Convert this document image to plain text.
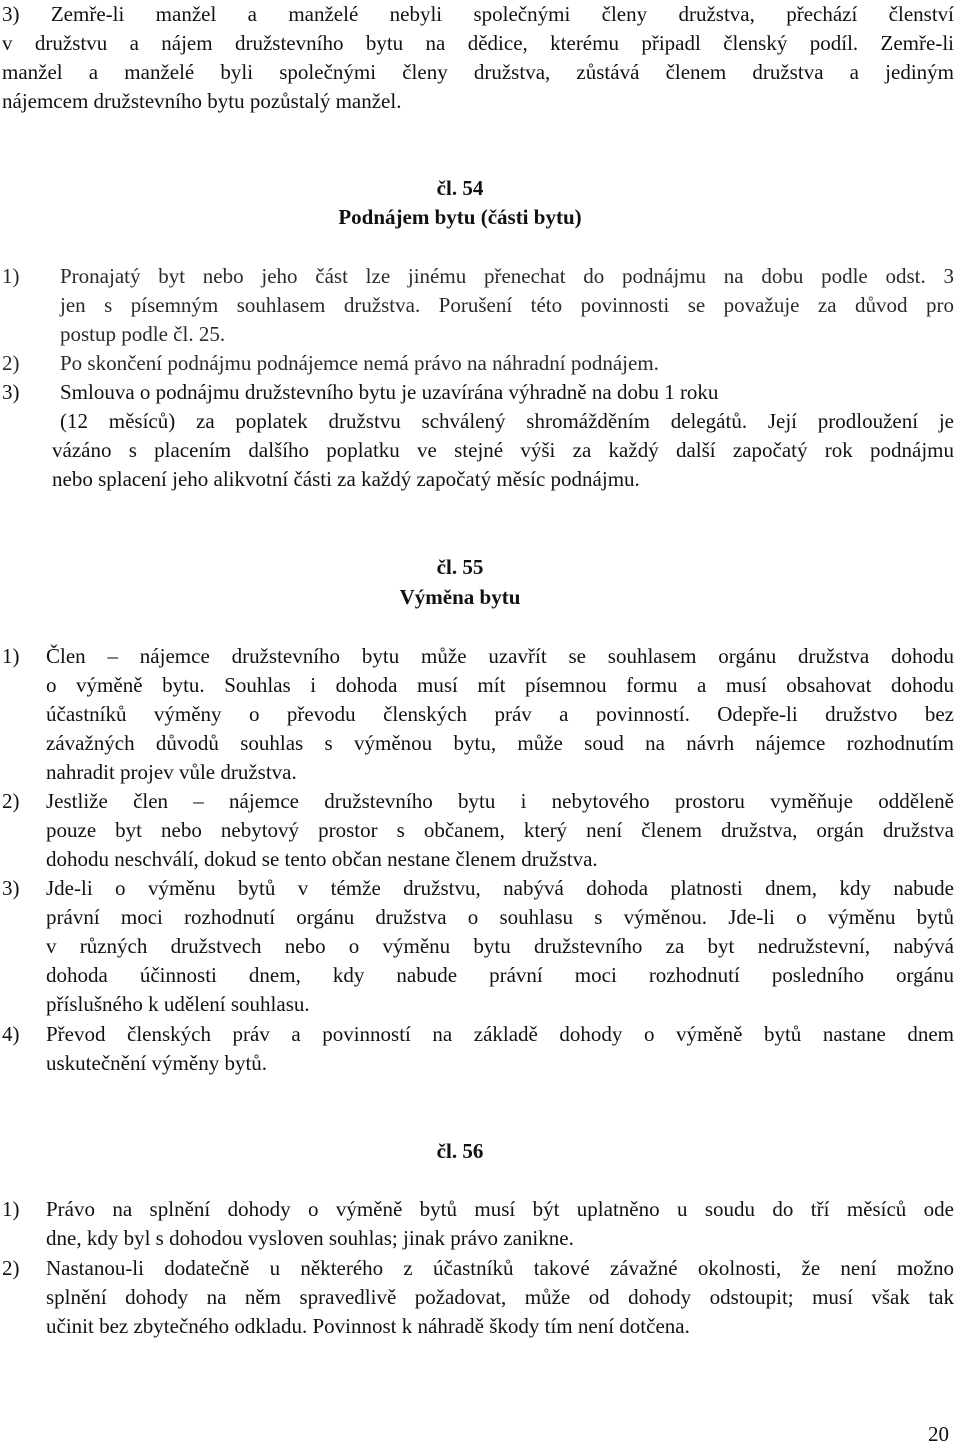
3) Zemře-li manžel a manželé nebyli společnými členy družstva, přechází členství
v družstvu a nájem družstevního bytu na dědice, kterému připadl členský podíl. Zemře-li
manžel a manželé byli společnými členy družstva, zůstává členem družstva a jediným
nájemcem družstevního bytu pozůstalý manžel.
čl. 54
Podnájem bytu (části bytu)
1) Pronajatý byt nebo jeho část lze jinému přenechat do podnájmu na dobu podle odst. 3
jen s písemným souhlasem družstva. Porušení této povinnosti se považuje za důvod pro
postup podle čl. 25.
2) Po skončení podnájmu podnájemce nemá právo na náhradní podnájem.
3) Smlouva o podnájmu družstevního bytu je uzavírána výhradně na dobu 1 roku
(12 měsíců) za poplatek družstvu schválený shromážděním delegátů. Její prodloužení je
vázáno s placením dalšího poplatku ve stejné výši za každý další započatý rok podnájmu
nebo splacení jeho alikvotní části za každý započatý měsíc podnájmu.
čl. 55
Výměna bytu
1) Člen – nájemce družstevního bytu může uzavřít se souhlasem orgánu družstva dohodu
o výměně bytu. Souhlas i dohoda musí mít písemnou formu a musí obsahovat dohodu
účastníků výměny o převodu členských práv a povinností. Odepře-li družstvo bez
závažných důvodů souhlas s výměnou bytu, může soud na návrh nájemce rozhodnutím
nahradit projev vůle družstva.
2) Jestliže člen – nájemce družstevního bytu i nebytového prostoru vyměňuje odděleně
pouze byt nebo nebytový prostor s občanem, který není členem družstva, orgán družstva
dohodu neschválí, dokud se tento občan nestane členem družstva.
3) Jde-li o výměnu bytů v témže družstvu, nabývá dohoda platnosti dnem, kdy nabude
právní moci rozhodnutí orgánu družstva o souhlasu s výměnou. Jde-li o výměnu bytů
v různých družstvech nebo o výměnu bytu družstevního za byt nedružstevní, nabývá
dohoda účinnosti dnem, kdy nabude právní moci rozhodnutí posledního orgánu
příslušného k udělení souhlasu.
4) Převod členských práv a povinností na základě dohody o výměně bytů nastane dnem
uskutečnění výměny bytů.
čl. 56
1) Právo na splnění dohody o výměně bytů musí být uplatněno u soudu do tří měsíců ode
dne, kdy byl s dohodou vysloven souhlas; jinak právo zanikne.
2) Nastanou-li dodatečně u některého z účastníků takové závažné okolnosti, že není možno
splnění dohody na něm spravedlivě požadovat, může od dohody odstoupit; musí však tak
učinit bez zbytečného odkladu. Povinnost k náhradě škody tím není dotčena.
20
